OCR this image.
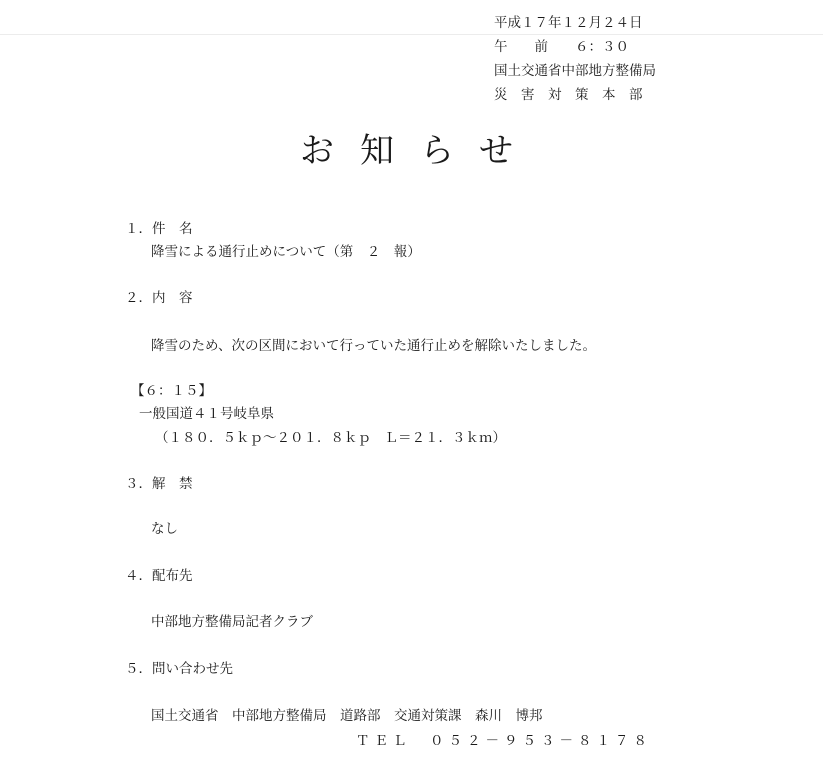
平成１７年１２月２４日
午　　前　　６：３０
国土交通省中部地方整備局
災　害　対　策　本　部
お知らせ
１．件　名
降雪による通行止めについて（第　２　報）
２．内　容
降雪のため、次の区間において行っていた通行止めを解除いたしました。
【６：１５】
一般国道４１号岐阜県
（１８０．５ｋｐ～２０１．８ｋｐ　Ｌ＝２１．３ｋｍ）
３．解　禁
なし
４．配布先
中部地方整備局記者クラブ
５．問い合わせ先
国土交通省　中部地方整備局　道路部　交通対策課　森川　博邦
ＴＥＬ　０５２－９５３－８１７８
